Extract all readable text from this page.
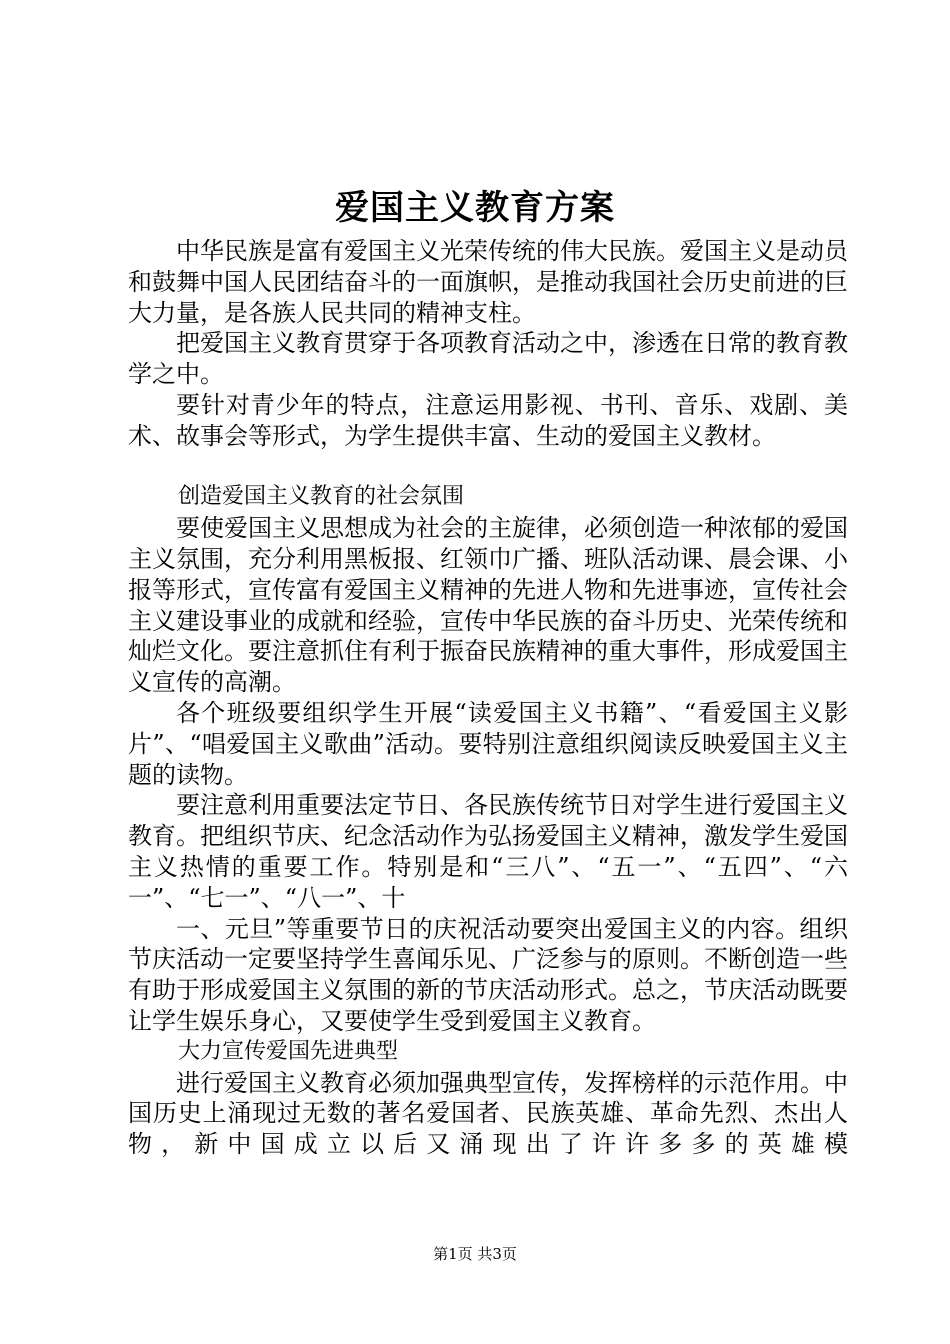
爱国主义教育方案

中华民族是富有爱国主义光荣传统的伟大民族。爱国主义是动员和鼓舞中国人民团结奋斗的一面旗帜，是推动我国社会历史前进的巨大力量，是各族人民共同的精神支柱。

把爱国主义教育贯穿于各项教育活动之中，渗透在日常的教育教学之中。

要针对青少年的特点，注意运用影视、书刊、音乐、戏剧、美术、故事会等形式，为学生提供丰富、生动的爱国主义教材。

创造爱国主义教育的社会氛围

要使爱国主义思想成为社会的主旋律，必须创造一种浓郁的爱国主义氛围，充分利用黑板报、红领巾广播、班队活动课、晨会课、小报等形式，宣传富有爱国主义精神的先进人物和先进事迹，宣传社会主义建设事业的成就和经验，宣传中华民族的奋斗历史、光荣传统和灿烂文化。要注意抓住有利于振奋民族精神的重大事件，形成爱国主义宣传的高潮。

各个班级要组织学生开展“读爱国主义书籍”、“看爱国主义影片”、“唱爱国主义歌曲”活动。要特别注意组织阅读反映爱国主义主题的读物。

要注意利用重要法定节日、各民族传统节日对学生进行爱国主义教育。把组织节庆、纪念活动作为弘扬爱国主义精神，激发学生爱国主义热情的重要工作。特别是和“三八”、“五一”、“五四”、“六一”、“七一”、“八一”、十

一、元旦”等重要节日的庆祝活动要突出爱国主义的内容。组织节庆活动一定要坚持学生喜闻乐见、广泛参与的原则。不断创造一些有助于形成爱国主义氛围的新的节庆活动形式。总之，节庆活动既要让学生娱乐身心，又要使学生受到爱国主义教育。

大力宣传爱国先进典型

进行爱国主义教育必须加强典型宣传，发挥榜样的示范作用。中国历史上涌现过无数的著名爱国者、民族英雄、革命先烈、杰出人物，新中国成立以后又涌现出了许许多多的英雄模

第1页 共3页
